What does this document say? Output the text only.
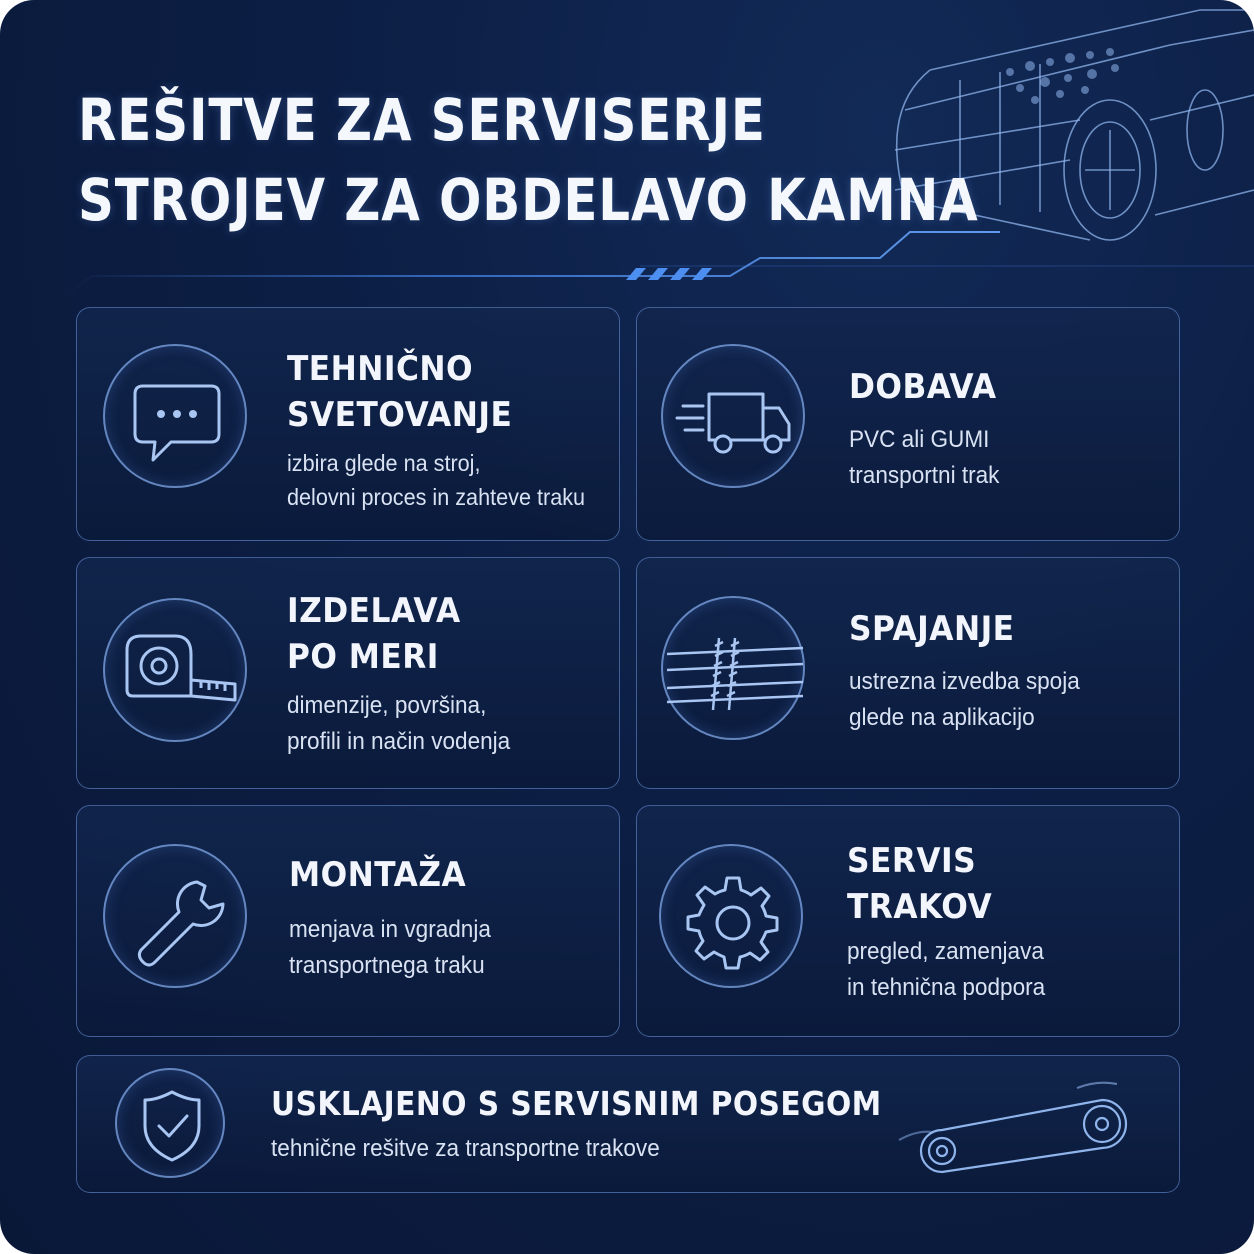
REŠITVE ZA SERVISERJE
STROJEV ZA OBDELAVO KAMNA
TEHNIČNO
SVETOVANJE
izbira glede na stroj,
delovni proces in zahteve traku
DOBAVA
PVC ali GUMI
transportni trak
IZDELAVA
PO MERI
dimenzije, površina,
profili in način vodenja
SPAJANJE
ustrezna izvedba spoja
glede na aplikacijo
MONTAŽA
menjava in vgradnja
transportnega traku
SERVIS
TRAKOV
pregled, zamenjava
in tehnična podpora
USKLAJENO S SERVISNIM POSEGOM
tehnične rešitve za transportne trakove
